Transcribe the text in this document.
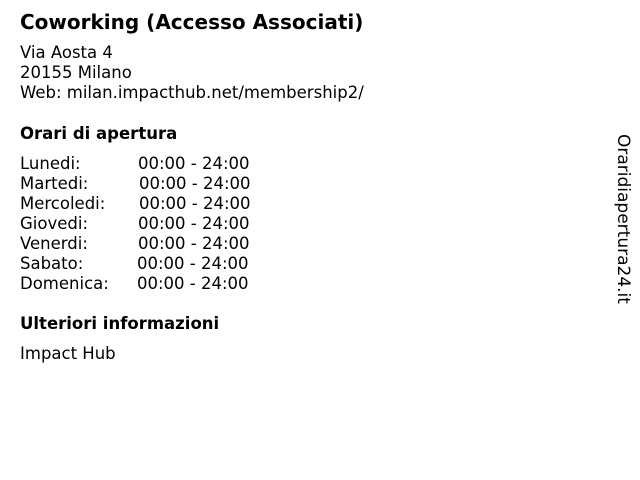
Coworking (Accesso Associati)
Via Aosta 4
20155 Milano
Web: milan.impacthub.net/membership2/
Orari di apertura
Lunedi:	00:00 - 24:00
Martedi:	00:00 - 24:00
Mercoledi: 00:00 - 24:00
Giovedi:	00:00 - 24:00
Venerdi:	00:00 - 24:00
Sabato:	00:00 - 24:00
Domenica: 00:00 - 24:00
Ulteriori informazioni
Impact Hub
Oraridiapertura24.it
